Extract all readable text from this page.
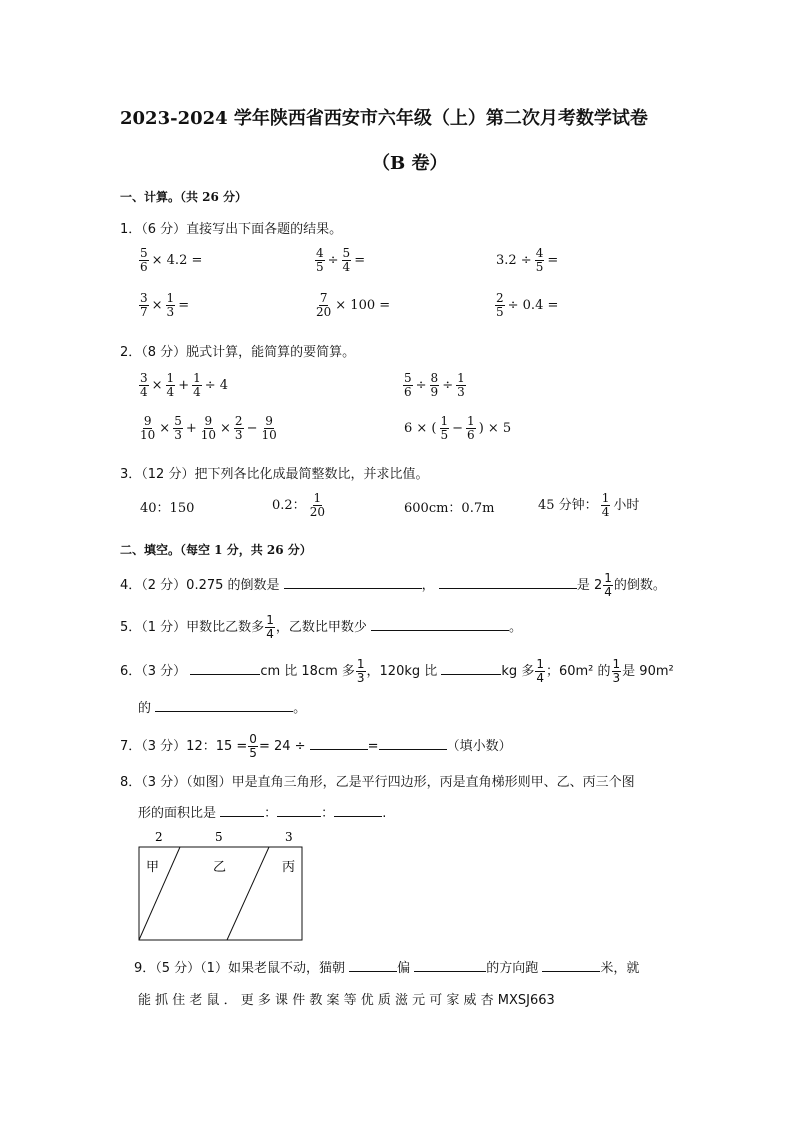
2023-2024 学年陕西省西安市六年级（上）第二次月考数学试卷
（B 卷）
一、计算。（共 26 分）
1．（6 分）直接写出下面各题的结果。
$\frac{5}{6} \times 4.2$ =	$\frac{4}{5} \div \frac{5}{4}$ =	$3.2 \div \frac{4}{5}$ =
$\frac{3}{7} \times \frac{1}{3}$ =	$\frac{7}{20} \times 100$ =	$\frac{2}{5} \div 0.4$ =
2．（8 分）脱式计算，能简算的要简算。
$\frac{3}{4} \times \frac{1}{4} + \frac{1}{4} \div 4$	$\frac{5}{6} \div \frac{8}{9} \div \frac{1}{3}$
$\frac{9}{10} \times \frac{5}{3} + \frac{9}{10} \times \frac{2}{3} - \frac{9}{10}$	6 × ( $\frac{1}{5} - \frac{1}{6}$ ) × 5
3．（12 分）把下列各比化成最简整数比，并求比值。
40：150	0.2： $\frac{1}{20}$	600cm：0.7m	45 分钟： $\frac{1}{4}$ 小时
二、填空。（每空 1 分，共 26 分）
4．（2 分）0.275 的倒数是	，	是 $2 \frac{1}{4}$ 的倒数。
5．（1 分）甲数比乙数多 $\frac{1}{4}$ ，乙数比甲数少	。
6．（3 分）	cm 比 18cm 多 $\frac{1}{3}$ ，120kg 比	kg 多 $\frac{1}{4}$ ；60m² 的 $\frac{1}{3}$ 是 90m²
的	。
7．（3 分）12：$15 = \frac{0}{5} = 24$ ÷	=	（填小数）
8．（3 分）（如图）甲是直角三角形，乙是平行四边形，丙是直角梯形则甲、乙、丙三个图
形的面积比是	：	：	.
2	5	3
甲	乙	丙
9．（5 分）（1）如果老鼠不动，猫朝	偏	的方向跑	米，就
能 抓 住 老 鼠 ． 更 多 课 件 教 案 等 优 质 滋 元 可 家 威 杏 MXSJ663
